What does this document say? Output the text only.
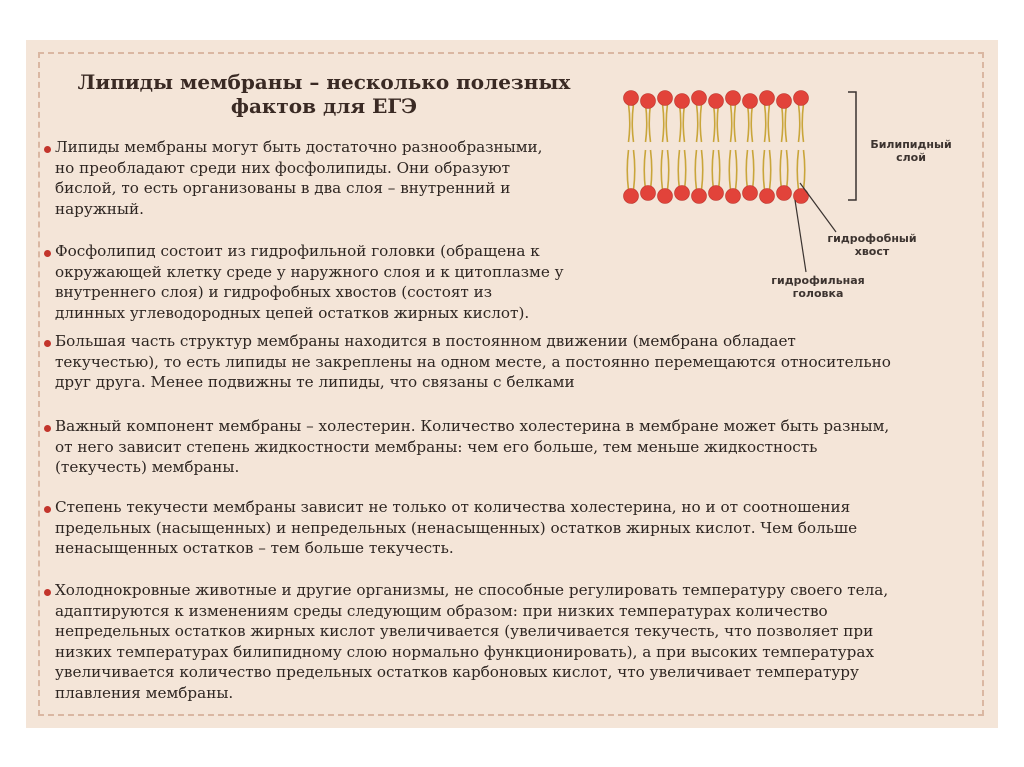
Липиды мембраны – несколько полезных
фактов для ЕГЭ

Билипидный
слой

гидрофобный
хвост

гидрофильная
головка

Липиды мембраны могут быть достаточно разнообразными,
но преобладают среди них фосфолипиды. Они образуют
бислой, то есть организованы в два слоя – внутренний и
наружный.

Фосфолипид состоит из гидрофильной головки (обращена к
окружающей клетку среде у наружного слоя и к цитоплазме у
внутреннего слоя) и гидрофобных хвостов (состоят из
длинных углеводородных цепей остатков жирных кислот).

Большая часть структур мембраны находится в постоянном движении (мембрана обладает
текучестью), то есть липиды не закреплены на одном месте, а постоянно перемещаются относительно
друг друга. Менее подвижны те липиды, что связаны с белками

Важный компонент мембраны – холестерин. Количество холестерина в мембране может быть разным,
от него зависит степень жидкостности мембраны: чем его больше, тем меньше жидкостность
(текучесть) мембраны.

Степень текучести мембраны зависит не только от количества холестерина, но и от соотношения
предельных (насыщенных) и непредельных (ненасыщенных) остатков жирных кислот. Чем больше
ненасыщенных остатков – тем больше текучесть.

Холоднокровные животные и другие организмы, не способные регулировать температуру своего тела,
адаптируются к изменениям среды следующим образом: при низких температурах количество
непредельных остатков жирных кислот увеличивается (увеличивается текучесть, что позволяет при
низких температурах билипидному слою нормально функционировать), а при высоких температурах
увеличивается количество предельных остатков карбоновых кислот, что увеличивает температуру
плавления мембраны.
